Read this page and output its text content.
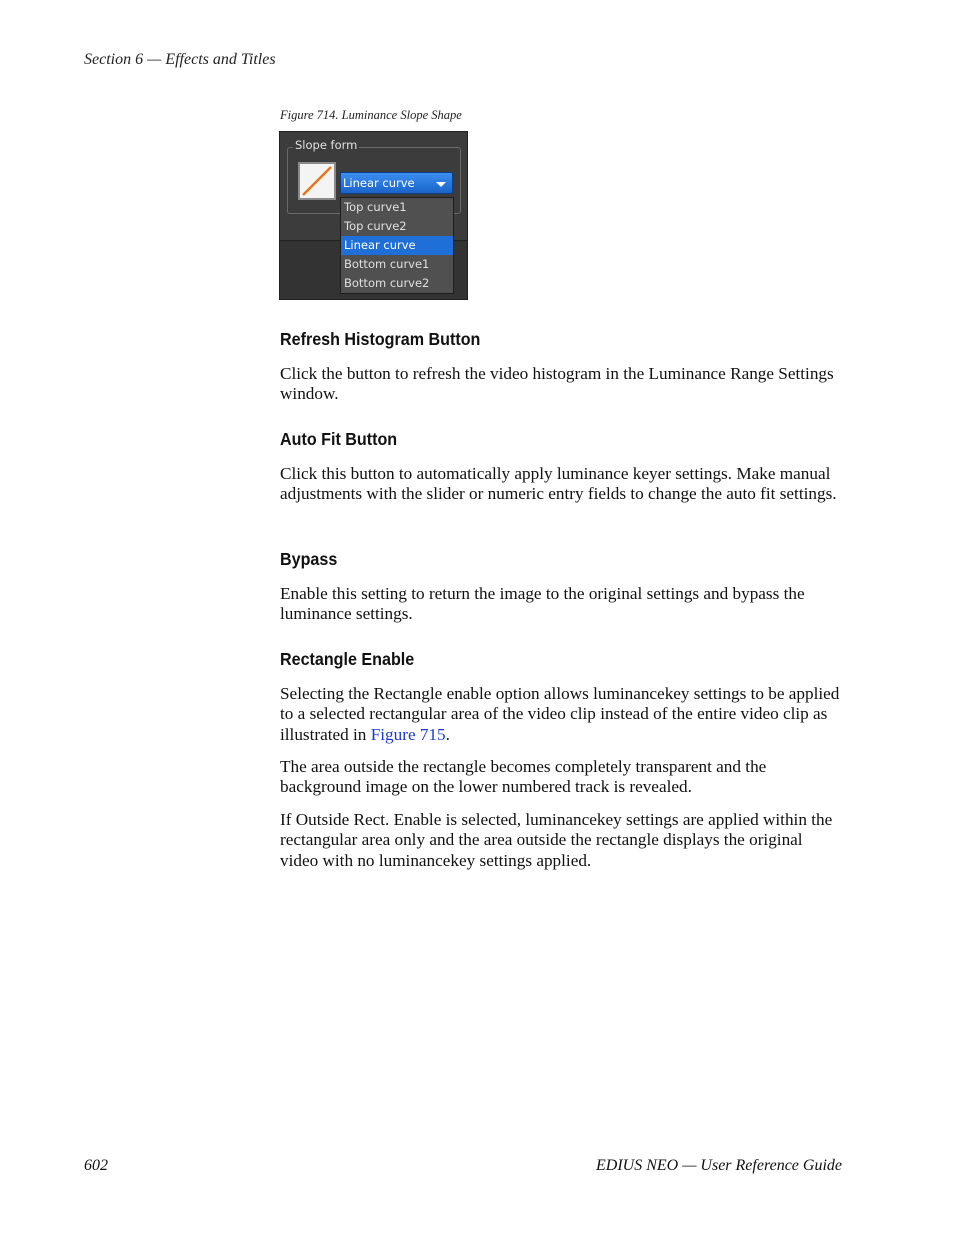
Section 6 — Effects and Titles
Figure 714. Luminance Slope Shape
Slope form
Linear curve
Top curve1
Top curve2
Linear curve
Bottom curve1
Bottom curve2
Refresh Histogram Button

Click the button to refresh the video histogram in the Luminance Range Settings window.

Auto Fit Button

Click this button to automatically apply luminance keyer settings. Make manual adjustments with the slider or numeric entry fields to change the auto fit settings.

Bypass

Enable this setting to return the image to the original settings and bypass the luminance settings.

Rectangle Enable

Selecting the Rectangle enable option allows luminancekey settings to be applied to a selected rectangular area of the video clip instead of the entire video clip as illustrated in Figure 715.

The area outside the rectangle becomes completely transparent and the background image on the lower numbered track is revealed.

If Outside Rect. Enable is selected, luminancekey settings are applied within the rectangular area only and the area outside the rectangle displays the original video with no luminancekey settings applied.

602	EDIUS NEO — User Reference Guide
